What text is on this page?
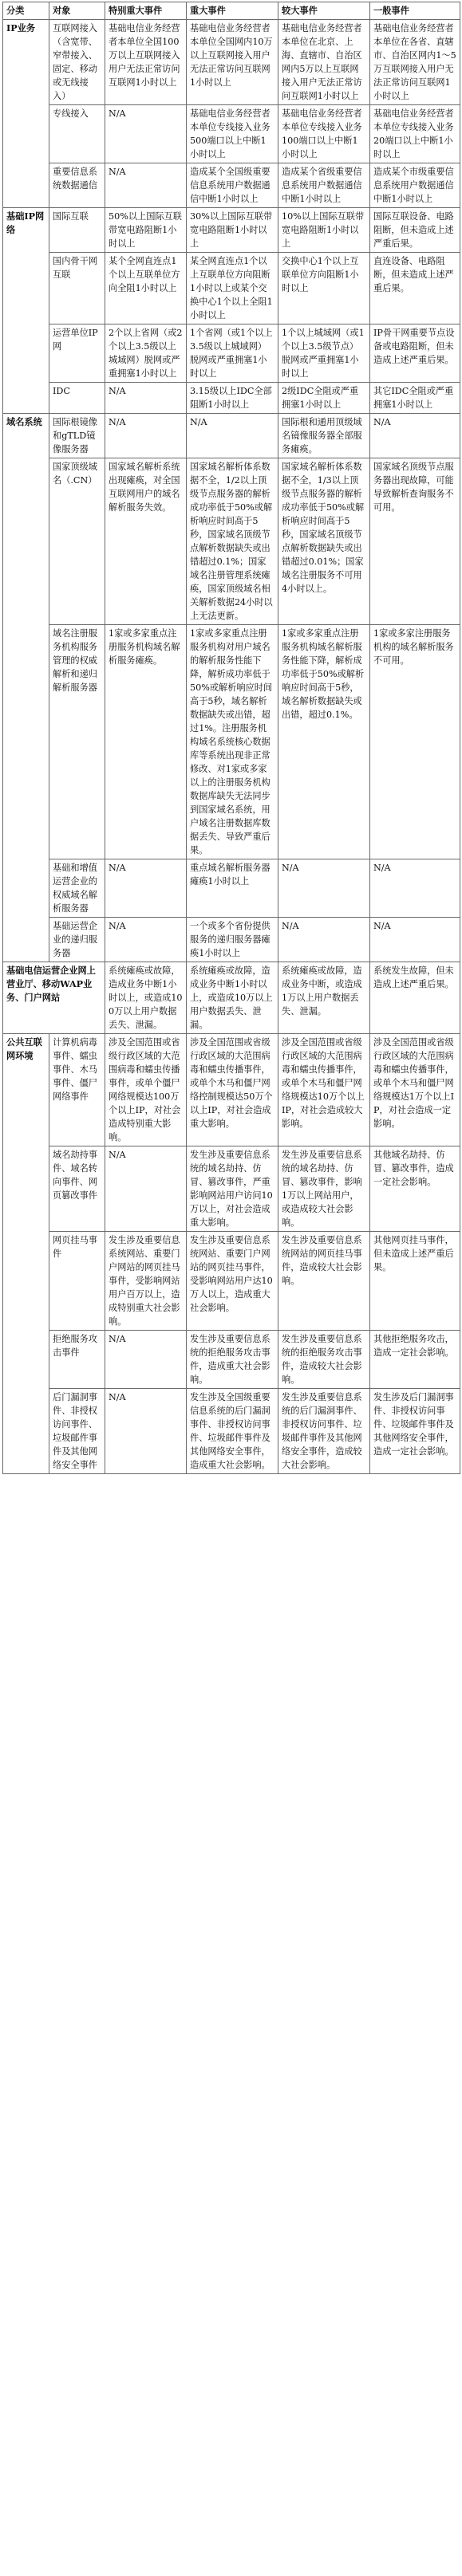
分类	对象	特别重大事件	重大事件	较大事件	一般事件
IP业务	互联网接入（含宽带、窄带接入、固定、移动或无线接入）	基础电信业务经营者本单位全国100万以上互联网接入用户无法正常访问互联网1小时以上	基础电信业务经营者本单位全国网内10万以上互联网接入用户无法正常访问互联网1小时以上	基础电信业务经营者本单位在北京、上海、直辖市、自治区网内5万以上互联网接入用户无法正常访问互联网1小时以上	基础电信业务经营者本单位在各省、直辖市、自治区网内1～5万互联网接入用户无法正常访问互联网1小时以上
	专线接入	N/A	基础电信业务经营者本单位专线接入业务500端口以上中断1小时以上	基础电信业务经营者本单位专线接入业务100端口以上中断1小时以上	基础电信业务经营者本单位专线接入业务20端口以上中断1小时以上
	重要信息系统数据通信	N/A	造成某个全国级重要信息系统用户数据通信中断1小时以上	造成某个省级重要信息系统用户数据通信中断1小时以上	造成某个市级重要信息系统用户数据通信中断1小时以上
基础IP网络	国际互联	50%以上国际互联带宽电路阻断1小时以上	30%以上国际互联带宽电路阻断1小时以上	10%以上国际互联带宽电路阻断1小时以上	国际互联设备、电路阻断，但未造成上述严重后果。
	国内骨干网互联	某个全网直连点1个以上互联单位方向全阻1小时以上	某全网直连点1个以上互联单位方向阻断1小时以上或某个交换中心1个以上全阻1小时以上	交换中心1个以上互联单位方向阻断1小时以上	直连设备、电路阻断，但未造成上述严重后果。
	运营单位IP网	2个以上省网（或2个以上3.5级以上城域网）脱网或严重拥塞1小时以上	1个省网（或1个以上3.5级以上城域网）脱网或严重拥塞1小时以上	1个以上城域网（或1个以上3.5级节点）脱网或严重拥塞1小时以上	IP骨干网重要节点设备或电路阻断，但未造成上述严重后果。
	IDC	N/A	3.15级以上IDC全部阻断1小时以上	2级IDC全阻或严重拥塞1小时以上	其它IDC全阻或严重拥塞1小时以上
域名系统	国际根镜像和gTLD镜像服务器	N/A	N/A	国际根和通用顶级域名镜像服务器全部服务瘫痪。	N/A
	国家顶级域名（.CN）	国家域名解析系统出现瘫痪，对全国互联网用户的域名解析服务失效。	国家域名解析体系数据不全，1/2以上顶级节点服务器的解析成功率低于50%或解析响应时间高于5秒，国家域名顶级节点解析数据缺失或出错超过0.1%；国家域名注册管理系统瘫痪，国家顶级域名相关解析数据24小时以上无法更新。	国家域名解析体系数据不全，1/3以上顶级节点服务器的解析成功率低于50%或解析响应时间高于5秒，国家域名顶级节点解析数据缺失或出错超过0.01%；国家域名注册服务不可用4小时以上。	国家域名顶级节点服务器出现故障，可能导致解析查询服务不可用。
	域名注册服务机构服务管理的权威解析和递归解析服务器	1家或多家重点注册服务机构域名解析服务瘫痪。	1家或多家重点注册服务机构对用户域名的解析服务性能下降，解析成功率低于50%或解析响应时间高于5秒，域名解析数据缺失或出错，超过1%。注册服务机构域名系统核心数据库等系统出现非正常修改、对1家或多家以上的注册服务机构数据库缺失无法同步到国家域名系统，用户域名注册数据库数据丢失、导致严重后果。	1家或多家重点注册服务机构域名解析服务性能下降，解析成功率低于50%或解析响应时间高于5秒，域名解析数据缺失或出错，超过0.1%。	1家或多家注册服务机构的域名解析服务不可用。
	基础和增值运营企业的权威域名解析服务器	N/A	重点域名解析服务器瘫痪1小时以上	N/A	N/A
	基础运营企业的递归服务器	N/A	一个或多个省份提供服务的递归服务器瘫痪1小时以上	N/A	N/A
基础电信运营企业网上营业厅、移动WAP业务、门户网站		系统瘫痪或故障，造成业务中断1小时以上，或造成100万以上用户数据丢失、泄漏。	系统瘫痪或故障，造成业务中断1小时以上，或造成10万以上用户数据丢失、泄漏。	系统瘫痪或故障，造成业务中断，或造成1万以上用户数据丢失、泄漏。	系统发生故障，但未造成上述严重后果。
公共互联网环境	计算机病毒事件、蠕虫事件、木马事件、僵尸网络事件	涉及全国范围或省级行政区域的大范围病毒和蠕虫传播事件，或单个僵尸网络规模达100万个以上IP，对社会造成特别重大影响。	涉及全国范围或省级行政区域的大范围病毒和蠕虫传播事件，或单个木马和僵尸网络控制规模达50万个以上IP，对社会造成重大影响。	涉及全国范围或省级行政区域的大范围病毒和蠕虫传播事件，或单个木马和僵尸网络规模达10万个以上IP，对社会造成较大影响。	涉及全国范围或省级行政区域的大范围病毒和蠕虫传播事件，或单个木马和僵尸网络规模达1万个以上IP，对社会造成一定影响。
	域名劫持事件、域名转向事件、网页篡改事件	N/A	发生涉及重要信息系统的域名劫持、仿冒、篡改事件，严重影响网站用户访问10万以上，对社会造成重大影响。	发生涉及重要信息系统的域名劫持、仿冒、篡改事件，影响1万以上网站用户，或造成较大社会影响。	其他域名劫持、仿冒、篡改事件，造成一定社会影响。
	网页挂马事件	发生涉及重要信息系统网站、重要门户网站的网页挂马事件，受影响网站用户百万以上，造成特别重大社会影响。	发生涉及重要信息系统网站、重要门户网站的网页挂马事件，受影响网站用户达10万人以上，造成重大社会影响。	发生涉及重要信息系统网站的网页挂马事件，造成较大社会影响。	其他网页挂马事件，但未造成上述严重后果。
	拒绝服务攻击事件	N/A	发生涉及重要信息系统的拒绝服务攻击事件，造成重大社会影响。	发生涉及重要信息系统的拒绝服务攻击事件，造成较大社会影响。	其他拒绝服务攻击，造成一定社会影响。
	后门漏洞事件、非授权访问事件、垃圾邮件事件及其他网络安全事件	N/A	发生涉及全国级重要信息系统的后门漏洞事件、非授权访问事件、垃圾邮件事件及其他网络安全事件，造成重大社会影响。	发生涉及重要信息系统的后门漏洞事件、非授权访问事件、垃圾邮件事件及其他网络安全事件，造成较大社会影响。	发生涉及后门漏洞事件、非授权访问事件、垃圾邮件事件及其他网络安全事件，造成一定社会影响。
